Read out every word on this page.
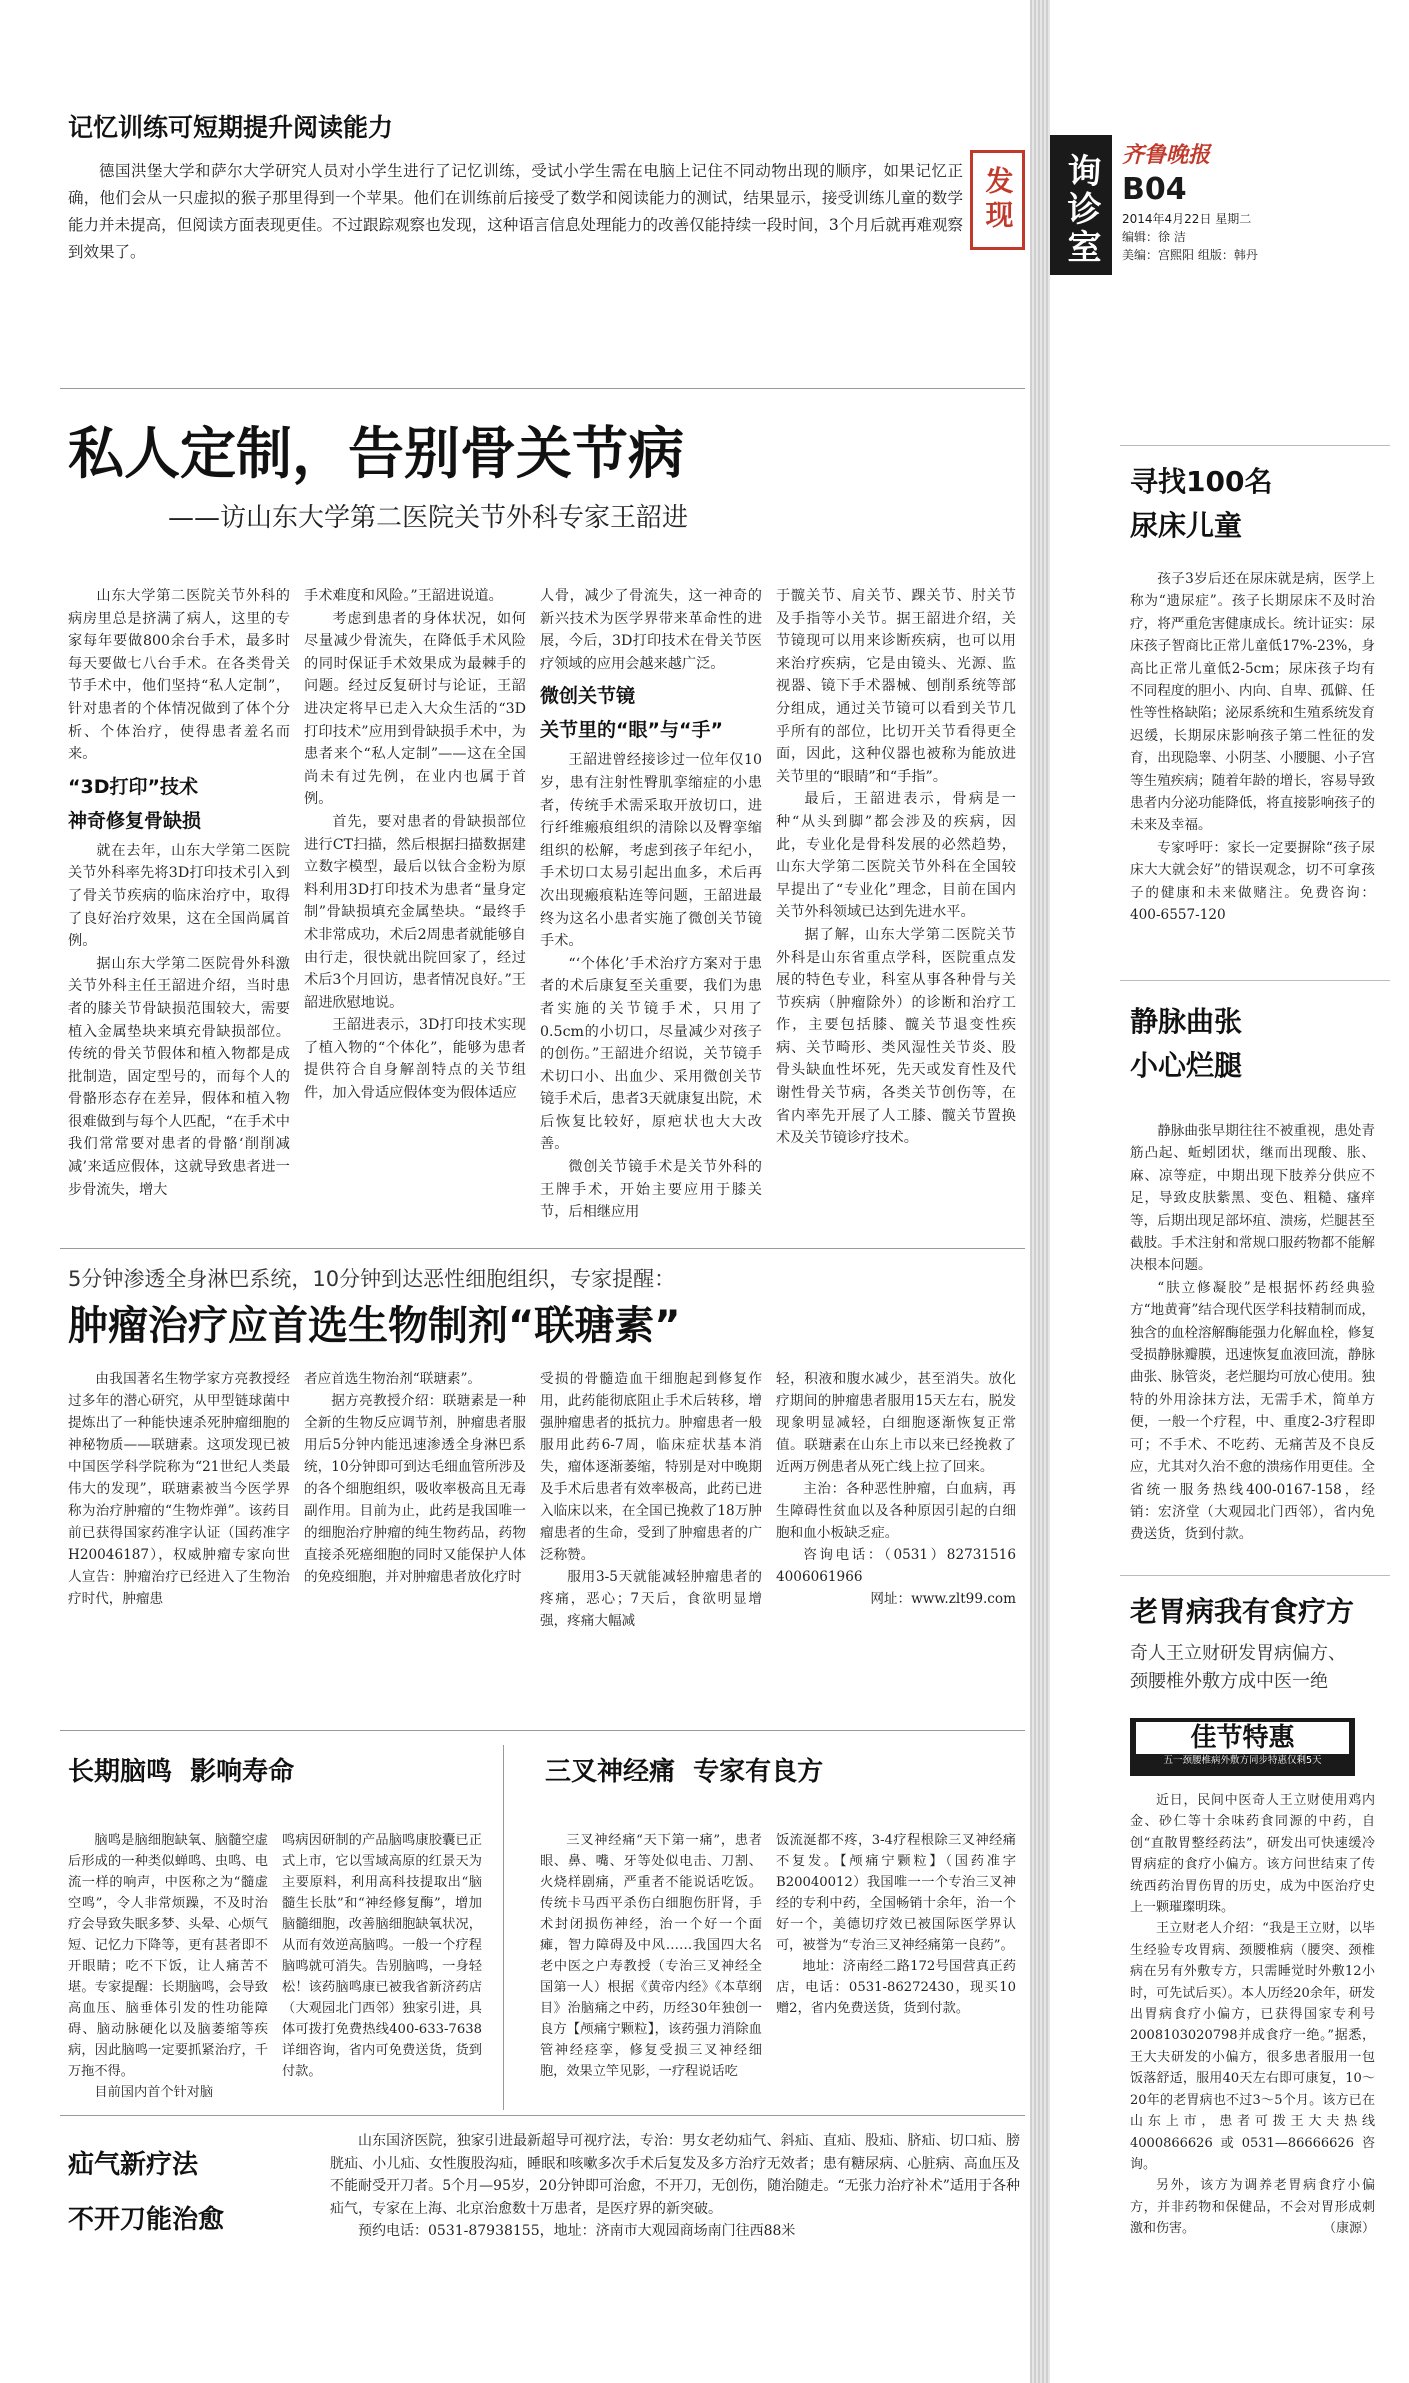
询诊室 齐鲁晚报
B04
2014年4月22日 星期二
编辑：徐 洁
美编：宫熙阳 组版：韩丹
记忆训练可短期提升阅读能力

德国洪堡大学和萨尔大学研究人员对小学生进行了记忆训练，受试小学生需在电脑上记住不同动物出现的顺序，如果记忆正确，他们会从一只虚拟的猴子那里得到一个苹果。他们在训练前后接受了数学和阅读能力的测试，结果显示，接受训练儿童的数学能力并未提高，但阅读方面表现更佳。不过跟踪观察也发现，这种语言信息处理能力的改善仅能持续一段时间，3个月后就再难观察到效果了。

发现
私人定制，告别骨关节病
——访山东大学第二医院关节外科专家王韶进

山东大学第二医院关节外科的病房里总是挤满了病人，这里的专家每年要做800余台手术，最多时每天要做七八台手术。在各类骨关节手术中，他们坚持“私人定制”，针对患者的个体情况做到了体个分析、个体治疗，使得患者羞名而来。

“3D打印”技术
神奇修复骨缺损

就在去年，山东大学第二医院关节外科率先将3D打印技术引入到了骨关节疾病的临床治疗中，取得了良好治疗效果，这在全国尚属首例。

据山东大学第二医院骨外科激关节外科主任王韶进介绍，当时患者的膝关节骨缺损范围较大，需要植入金属垫块来填充骨缺损部位。传统的骨关节假体和植入物都是成批制造，固定型号的，而每个人的骨骼形态存在差异，假体和植入物很难做到与每个人匹配，“在手术中我们常常要对患者的骨骼‘削削减减’来适应假体，这就导致患者进一步骨流失，增大

手术难度和风险。”王韶进说道。

考虑到患者的身体状况，如何尽量减少骨流失，在降低手术风险的同时保证手术效果成为最棘手的问题。经过反复研讨与论证，王韶进决定将早已走入大众生活的“3D打印技术”应用到骨缺损手术中，为患者来个“私人定制”——这在全国尚未有过先例，在业内也属于首例。

首先，要对患者的骨缺损部位进行CT扫描，然后根据扫描数据建立数字模型，最后以钛合金粉为原料利用3D打印技术为患者“量身定制”骨缺损填充金属垫块。“最终手术非常成功，术后2周患者就能够自由行走，很快就出院回家了，经过术后3个月回访，患者情况良好。”王韶进欣慰地说。

王韶进表示，3D打印技术实现了植入物的“个体化”，能够为患者提供符合自身解剖特点的关节组件，加入骨适应假体变为假体适应

人骨，减少了骨流失，这一神奇的新兴技术为医学界带来革命性的进展，今后，3D打印技术在骨关节医疗领域的应用会越来越广泛。

微创关节镜
关节里的“眼”与“手”

王韶进曾经接诊过一位年仅10岁，患有注射性臀肌挛缩症的小患者，传统手术需采取开放切口，进行纤维瘢痕组织的清除以及臀挛缩组织的松解，考虑到孩子年纪小，手术切口太易引起出血多，术后再次出现瘢痕粘连等问题，王韶进最终为这名小患者实施了微创关节镜手术。

“‘个体化’手术治疗方案对于患者的术后康复至关重要，我们为患者实施的关节镜手术，只用了0.5cm的小切口，尽量减少对孩子的创伤。”王韶进介绍说，关节镜手术切口小、出血少、采用微创关节镜手术后，患者3天就康复出院，术后恢复比较好，原疤状也大大改善。

微创关节镜手术是关节外科的王牌手术，开始主要应用于膝关节，后相继应用

于髋关节、肩关节、踝关节、肘关节及手指等小关节。据王韶进介绍，关节镜现可以用来诊断疾病，也可以用来治疗疾病，它是由镜头、光源、监视器、镜下手术器械、刨削系统等部分组成，通过关节镜可以看到关节几乎所有的部位，比切开关节看得更全面，因此，这种仪器也被称为能放进关节里的“眼睛”和“手指”。

最后，王韶进表示，骨病是一种“从头到脚”都会涉及的疾病，因此，专业化是骨科发展的必然趋势，山东大学第二医院关节外科在全国较早提出了“专业化”理念，目前在国内关节外科领域已达到先进水平。

据了解，山东大学第二医院关节外科是山东省重点学科，医院重点发展的特色专业，科室从事各种骨与关节疾病（肿瘤除外）的诊断和治疗工作，主要包括膝、髋关节退变性疾病、关节畸形、类风湿性关节炎、股骨头缺血性坏死，先天或发育性及代谢性骨关节病，各类关节创伤等，在省内率先开展了人工膝、髋关节置换术及关节镜诊疗技术。

5分钟渗透全身淋巴系统，10分钟到达恶性细胞组织，专家提醒：
肿瘤治疗应首选生物制剂“联瑭素”

由我国著名生物学家方亮教授经过多年的潜心研究，从甲型链球菌中提炼出了一种能快速杀死肿瘤细胞的神秘物质——联瑭素。这项发现已被中国医学科学院称为“21世纪人类最伟大的发现”，联瑭素被当今医学界称为治疗肿瘤的“生物炸弹”。该药目前已获得国家药准字认证（国药准字H20046187），权威肿瘤专家向世人宣告：肿瘤治疗已经进入了生物治疗时代，肿瘤患

者应首选生物治剂“联瑭素”。

据方亮教授介绍：联瑭素是一种全新的生物反应调节剂，肿瘤患者服用后5分钟内能迅速渗透全身淋巴系统，10分钟即可到达毛细血管所涉及的各个细胞组织，吸收率极高且无毒副作用。目前为止，此药是我国唯一的细胞治疗肿瘤的纯生物药品，药物直接杀死癌细胞的同时又能保护人体的免疫细胞，并对肿瘤患者放化疗时

受损的骨髓造血干细胞起到修复作用，此药能彻底阻止手术后转移，增强肿瘤患者的抵抗力。肿瘤患者一般服用此药6-7周，临床症状基本消失，瘤体逐渐萎缩，特别是对中晚期及手术后患者有效率极高，此药已进入临床以来，在全国已挽救了18万肿瘤患者的生命，受到了肿瘤患者的广泛称赞。

服用3-5天就能减轻肿瘤患者的疼痛，恶心；7天后，食欲明显增强，疼痛大幅减

轻，积液和腹水减少，甚至消失。放化疗期间的肿瘤患者服用15天左右，脱发现象明显减轻，白细胞逐渐恢复正常值。联瑭素在山东上市以来已经挽救了近两万例患者从死亡线上拉了回来。

主治：各种恶性肿瘤，白血病，再生障碍性贫血以及各种原因引起的白细胞和血小板缺乏症。

咨询电话：（0531）82731516 4006061966

网址：www.zlt99.com

长期脑鸣  影响寿命

脑鸣是脑细胞缺氧、脑髓空虚后形成的一种类似蝉鸣、虫鸣、电流一样的响声，中医称之为“髓虚空鸣”，令人非常烦躁，不及时治疗会导致失眠多梦、头晕、心烦气短、记忆力下降等，更有甚者即不开眼睛；吃不下饭，让人痛苦不堪。专家提醒：长期脑鸣，会导致高血压、脑垂体引发的性功能障碍、脑动脉硬化以及脑萎缩等疾病，因此脑鸣一定要抓紧治疗，千万拖不得。

目前国内首个针对脑

鸣病因研制的产品脑鸣康胶囊已正式上市，它以雪域高原的红景天为主要原料，利用高科技提取出“脑髓生长肽”和“神经修复酶”，增加脑髓细胞，改善脑细胞缺氧状况，从而有效逆高脑鸣。一般一个疗程脑鸣就可消失。告别脑鸣，一身轻松！该药脑鸣康已被我省新济药店（大观园北门西邻）独家引进，具体可拨打免费热线400-633-7638详细咨询，省内可免费送货，货到付款。

三叉神经痛  专家有良方

三叉神经痛“天下第一痛”，患者眼、鼻、嘴、牙等处似电击、刀割、火烧样剧痛，严重者不能说话吃饭。传统卡马西平杀伤白细胞伤肝肾，手术封闭损伤神经，治一个好一个面瘫，智力障碍及中风……我国四大名老中医之户寿教授（专治三叉神经全国第一人）根据《黄帝内经》《本草纲目》治脑痛之中药，历经30年独创一良方【颅痛宁颗粒】，该药强力消除血管神经痉挛，修复受损三叉神经细胞，效果立竿见影，一疗程说话吃

饭流涎都不疼，3-4疗程根除三叉神经痛不复发。【颅痛宁颗粒】（国药准字B20040012）我国唯一一个专治三叉神经的专利中药，全国畅销十余年，治一个好一个，美德切疗效已被国际医学界认可，被誉为“专治三叉神经痛第一良药”。

地址：济南经二路172号国营真正药店，电话：0531-86272430，现买10赠2，省内免费送货，货到付款。

疝气新疗法
不开刀能治愈

山东国济医院，独家引进最新超导可视疗法，专治：男女老幼疝气、斜疝、直疝、股疝、脐疝、切口疝、膀胱疝、小儿疝、女性腹股沟疝，睡眠和咳嗽多次手术后复发及多方治疗无效者；患有糖尿病、心脏病、高血压及不能耐受开刀者。5个月—95岁，20分钟即可治愈，不开刀，无创伤，随治随走。“无张力治疗补术”适用于各种疝气，专家在上海、北京治愈数十万患者，是医疗界的新突破。

预约电话：0531-87938155，地址：济南市大观园商场南门往西88米

寻找100名
尿床儿童

孩子3岁后还在尿床就是病，医学上称为“遗尿症”。孩子长期尿床不及时治疗，将严重危害健康成长。统计证实：尿床孩子智商比正常儿童低17%-23%，身高比正常儿童低2-5cm；尿床孩子均有不同程度的胆小、内向、自卑、孤僻、任性等性格缺陷；泌尿系统和生殖系统发育迟缓，长期尿床影响孩子第二性征的发育，出现隐睾、小阴茎、小腰腿、小子宫等生殖疾病；随着年龄的增长，容易导致患者内分泌功能降低，将直接影响孩子的未来及幸福。

专家呼吁：家长一定要摒除“孩子尿床大大就会好”的错误观念，切不可拿孩子的健康和未来做赌注。免费咨询：400-6557-120

静脉曲张
小心烂腿

静脉曲张早期往往不被重视，患处青筋凸起、蚯蚓团状，继而出现酸、胀、麻、凉等症，中期出现下肢养分供应不足，导致皮肤紫黑、变色、粗糙、瘙痒等，后期出现足部坏疽、溃疡，烂腿甚至截肢。手术注射和常规口服药物都不能解决根本问题。

“肤立修凝胶”是根据怀药经典验方“地黄膏”结合现代医学科技精制而成，独含的血栓溶解酶能强力化解血栓，修复受损静脉瓣膜，迅速恢复血液回流，静脉曲张、脉管炎，老烂腿均可放心使用。独特的外用涂抹方法，无需手术，简单方便，一般一个疗程，中、重度2-3疗程即可；不手术、不吃药、无痛苦及不良反应，尤其对久治不愈的溃疡作用更佳。全省统一服务热线400-0167-158，经销：宏济堂（大观园北门西邻），省内免费送货，货到付款。

老胃病我有食疗方
奇人王立财研发胃病偏方、
颈腰椎外敷方成中医一绝
佳节特惠
五一颈腰椎病外敷方同步特惠仅剩5天

近日，民间中医奇人王立财使用鸡内金、砂仁等十余味药食同源的中药，自创“直散胃整经药法”，研发出可快速缓冷胃病症的食疗小偏方。该方问世结束了传统西药治胃伤胃的历史，成为中医治疗史上一颗璀璨明珠。

王立财老人介绍：“我是王立财，以毕生经验专攻胃病、颈腰椎病（腰突、颈椎病在另有外敷专方，只需睡觉时外敷12小时，可先试后买）。本人历经20余年，研发出胃病食疗小偏方，已获得国家专利号2008103020798并成食疗一绝。”据悉，王大夫研发的小偏方，很多患者服用一包饭落舒适，服用40天左右即可康复，10～20年的老胃病也不过3～5个月。该方已在山东上市，患者可拨王大夫热线4000866626或0531—86666626咨询。

另外，该方为调养老胃病食疗小偏方，并非药物和保健品，不会对胃形成刺激和伤害。	（康源）
